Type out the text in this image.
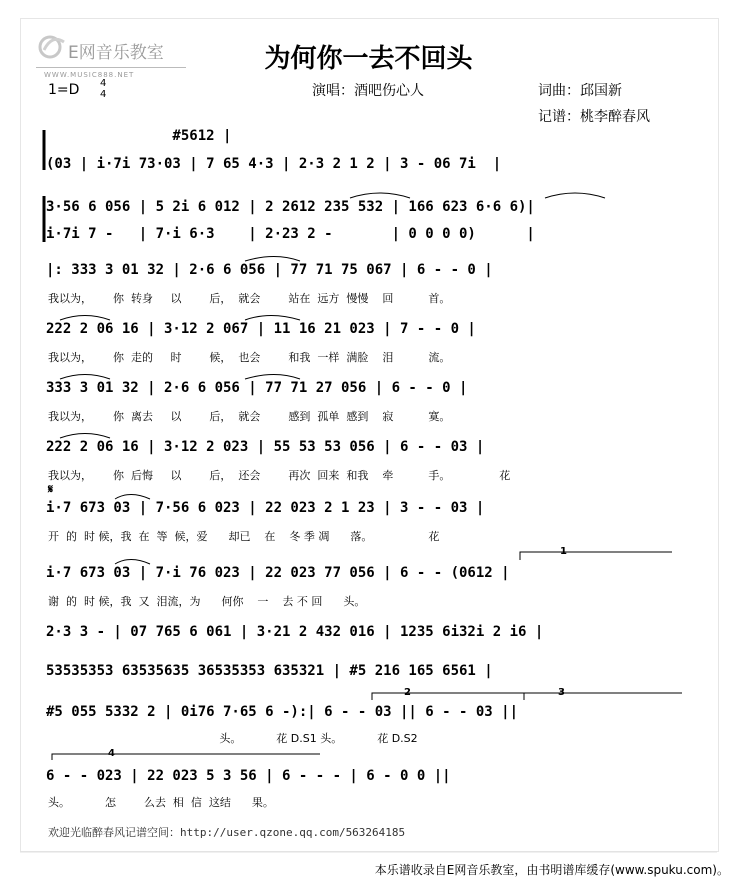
E网音乐教室
WWW.MUSIC888.NET
为何你一去不回头
1=D 4
4	演唱：酒吧伤心人	词曲：邱国新
记谱：桃李醉春风
#5612 |
(03 | i·7i 73·03 | 7 65 4·3 | 2·3 2 1 2 | 3 - 06 7i  |
3·56 6 056 | 5 2i 6 012 | 2 2612 235 532 | 166 623 6·6 6)|
i·7i 7 -   | 7·i 6·3    | 2·23 2 -       | 0 0 0 0)      |
|: 333 3 01 32 | 2·6 6 056 | 77 71 75 067 | 6 - - 0 |
我以为，      你  转身     以        后，  就会        站在  远方  慢慢    回          首。
222 2 06 16 | 3·12 2 067 | 11 16 21 023 | 7 - - 0 |
我以为，      你  走的     时        候，  也会        和我  一样  满脸    泪          流。
333 3 01 32 | 2·6 6 056 | 77 71 27 056 | 6 - - 0 |
我以为，      你  离去     以        后，  就会        感到  孤单  感到    寂          寞。
222 2 06 16 | 3·12 2 023 | 55 53 53 056 | 6 - - 03 |
我以为，      你  后悔     以        后，  还会        再次  回来  和我    牵          手。              花
𝄋
i·7 673 03 | 7·56 6 023 | 22 023 2 1 23 | 3 - - 03 |
开  的  时 候，我  在  等  候，爱      却已    在    冬 季 凋      落。                花
i·7 673 03 | 7·i 76 023 | 22 023 77 056 | 6 - - (0612 |
谢  的  时 候，我  又  泪流，为      何你    一    去 不 回      头。
2·3 3 - | 07 765 6 061 | 3·21 2 432 016 | 1235 6i32i 2 i6 |
53535353 63535635 36535353 635321 | #5 216 165 6561 |
#5 055 5332 2 | 0i76 7·65 6 -):| 6 - - 03 || 6 - - 03 ||
头。          花 D.S1 头。          花 D.S2
6 - - 023 | 22 023 5 3 56 | 6 - - - | 6 - 0 0 ||
头。          怎        么去  相  信  这结      果。
1
2	3
4
欢迎光临醉春风记谱空间：http://user.qzone.qq.com/563264185
本乐谱收录自E网音乐教室，由书明谱库缓存(www.spuku.com)。
